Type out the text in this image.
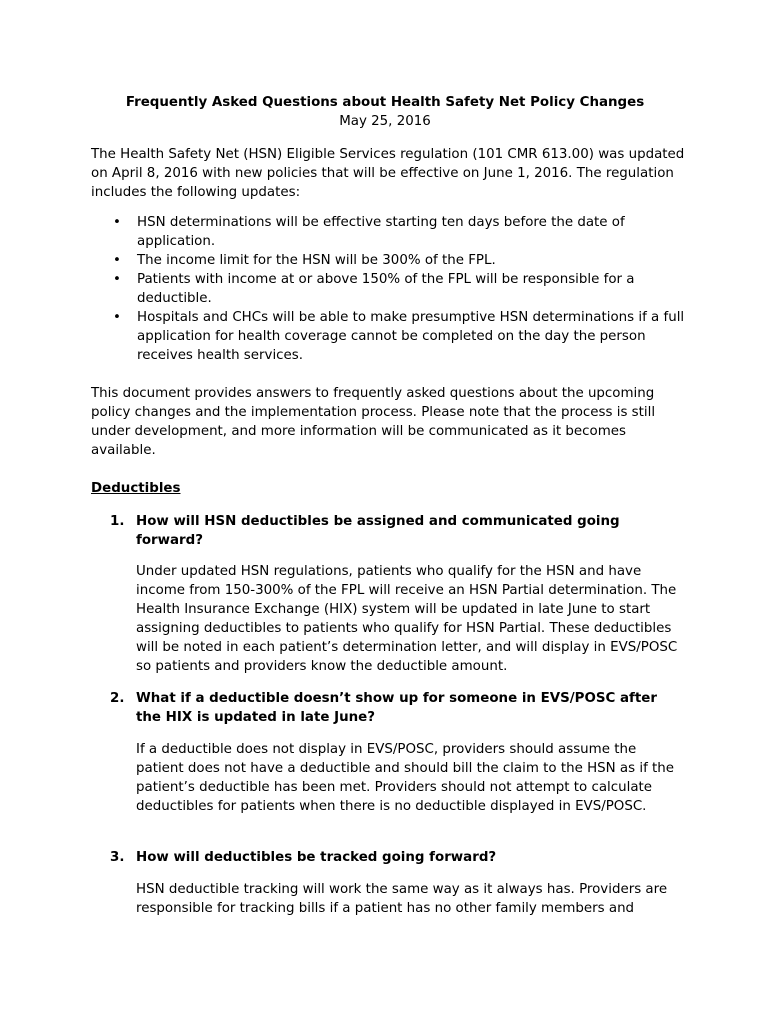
Frequently Asked Questions about Health Safety Net Policy Changes
May 25, 2016

The Health Safety Net (HSN) Eligible Services regulation (101 CMR 613.00) was updated on April 8, 2016 with new policies that will be effective on June 1, 2016. The regulation includes the following updates:

• HSN determinations will be effective starting ten days before the date of application.
• The income limit for the HSN will be 300% of the FPL.
• Patients with income at or above 150% of the FPL will be responsible for a deductible.
• Hospitals and CHCs will be able to make presumptive HSN determinations if a full application for health coverage cannot be completed on the day the person receives health services.

This document provides answers to frequently asked questions about the upcoming policy changes and the implementation process. Please note that the process is still under development, and more information will be communicated as it becomes available.

Deductibles
1. How will HSN deductibles be assigned and communicated going forward?

Under updated HSN regulations, patients who qualify for the HSN and have income from 150-300% of the FPL will receive an HSN Partial determination. The Health Insurance Exchange (HIX) system will be updated in late June to start assigning deductibles to patients who qualify for HSN Partial. These deductibles will be noted in each patient’s determination letter, and will display in EVS/POSC so patients and providers know the deductible amount.

2. What if a deductible doesn’t show up for someone in EVS/POSC after the HIX is updated in late June?

If a deductible does not display in EVS/POSC, providers should assume the patient does not have a deductible and should bill the claim to the HSN as if the patient’s deductible has been met. Providers should not attempt to calculate deductibles for patients when there is no deductible displayed in EVS/POSC.

3. How will deductibles be tracked going forward?

HSN deductible tracking will work the same way as it always has. Providers are responsible for tracking bills if a patient has no other family members and
